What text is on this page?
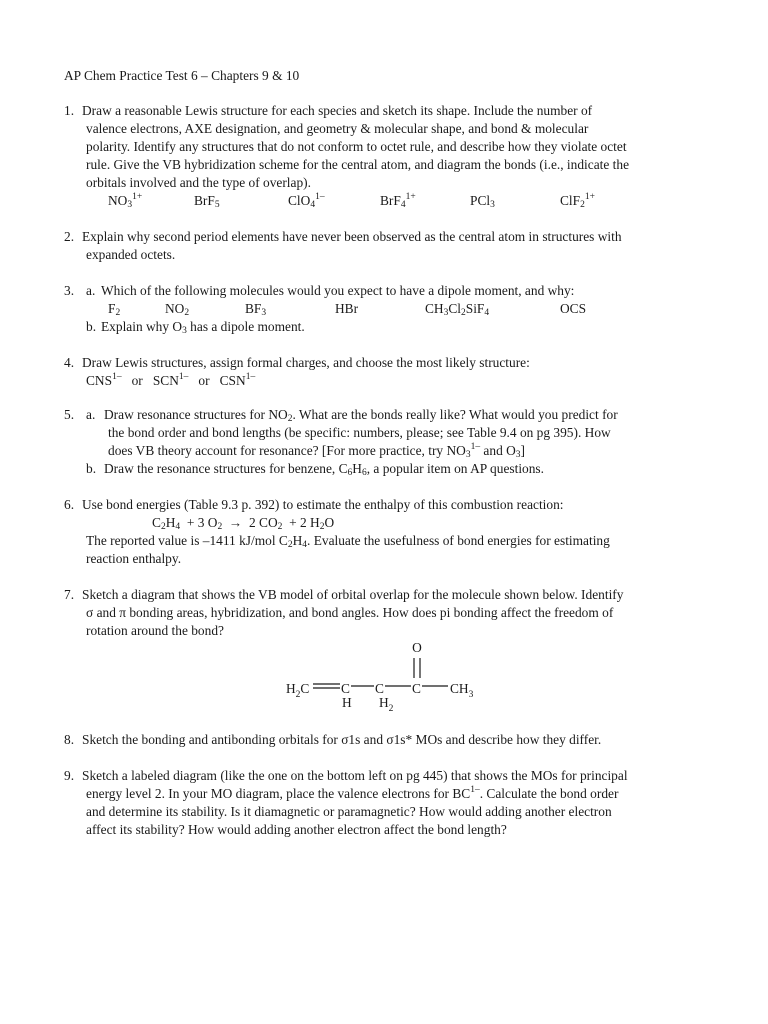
AP Chem Practice Test 6 – Chapters 9 & 10
1. Draw a reasonable Lewis structure for each species and sketch its shape. Include the number of
valence electrons, AXE designation, and geometry & molecular shape, and bond & molecular
polarity. Identify any structures that do not conform to octet rule, and describe how they violate octet
rule. Give the VB hybridization scheme for the central atom, and diagram the bonds (i.e., indicate the
orbitals involved and the type of overlap).
$NO_3^{1+}$	BrF$_5$	ClO$_4^{1-}$	BrF$_4^{1+}$	PCl$_3$	ClF$_2^{1+}$
2. Explain why second period elements have never been observed as the central atom in structures with
expanded octets.
3. a. Which of the following molecules would you expect to have a dipole moment, and why:
$F_2$	$NO_2$	$BF_3$	HBr	$CH_3Cl_2SiF_4$	OCS
b. Explain why $O_3$ has a dipole moment.
4. Draw Lewis structures, assign formal charges, and choose the most likely structure:
$CNS^{1-}$ or $SCN^{1-}$ or $CSN^{1-}$
5. a. Draw resonance structures for $NO_2$. What are the bonds really like? What would you predict for
the bond order and bond lengths (be specific: numbers, please; see Table 9.4 on pg 395). How
does VB theory account for resonance? [For more practice, try $NO_3^{1-}$ and $O_3$]
b. Draw the resonance structures for benzene, $C_6H_6$, a popular item on AP questions.
6. Use bond energies (Table 9.3 p. 392) to estimate the enthalpy of this combustion reaction:
$C_2H_4 + 3$ $O_2 \to 2$ $CO_2 + 2$ $H_2O$
The reported value is –1411 kJ/mol $C_2H_4$. Evaluate the usefulness of bond energies for estimating
reaction enthalpy.
7. Sketch a diagram that shows the VB model of orbital overlap for the molecule shown below. Identify
σ and π bonding areas, hybridization, and bond angles. How does pi bonding affect the freedom of
rotation around the bond?
O
$H_2C$ C C C $CH_3$
H $H_2$
8. Sketch the bonding and antibonding orbitals for σ1s and σ1s* MOs and describe how they differ.
9. Sketch a labeled diagram (like the one on the bottom left on pg 445) that shows the MOs for principal
energy level 2. In your MO diagram, place the valence electrons for $BC^{1-}$. Calculate the bond order
and determine its stability. Is it diamagnetic or paramagnetic? How would adding another electron
affect its stability? How would adding another electron affect the bond length?
